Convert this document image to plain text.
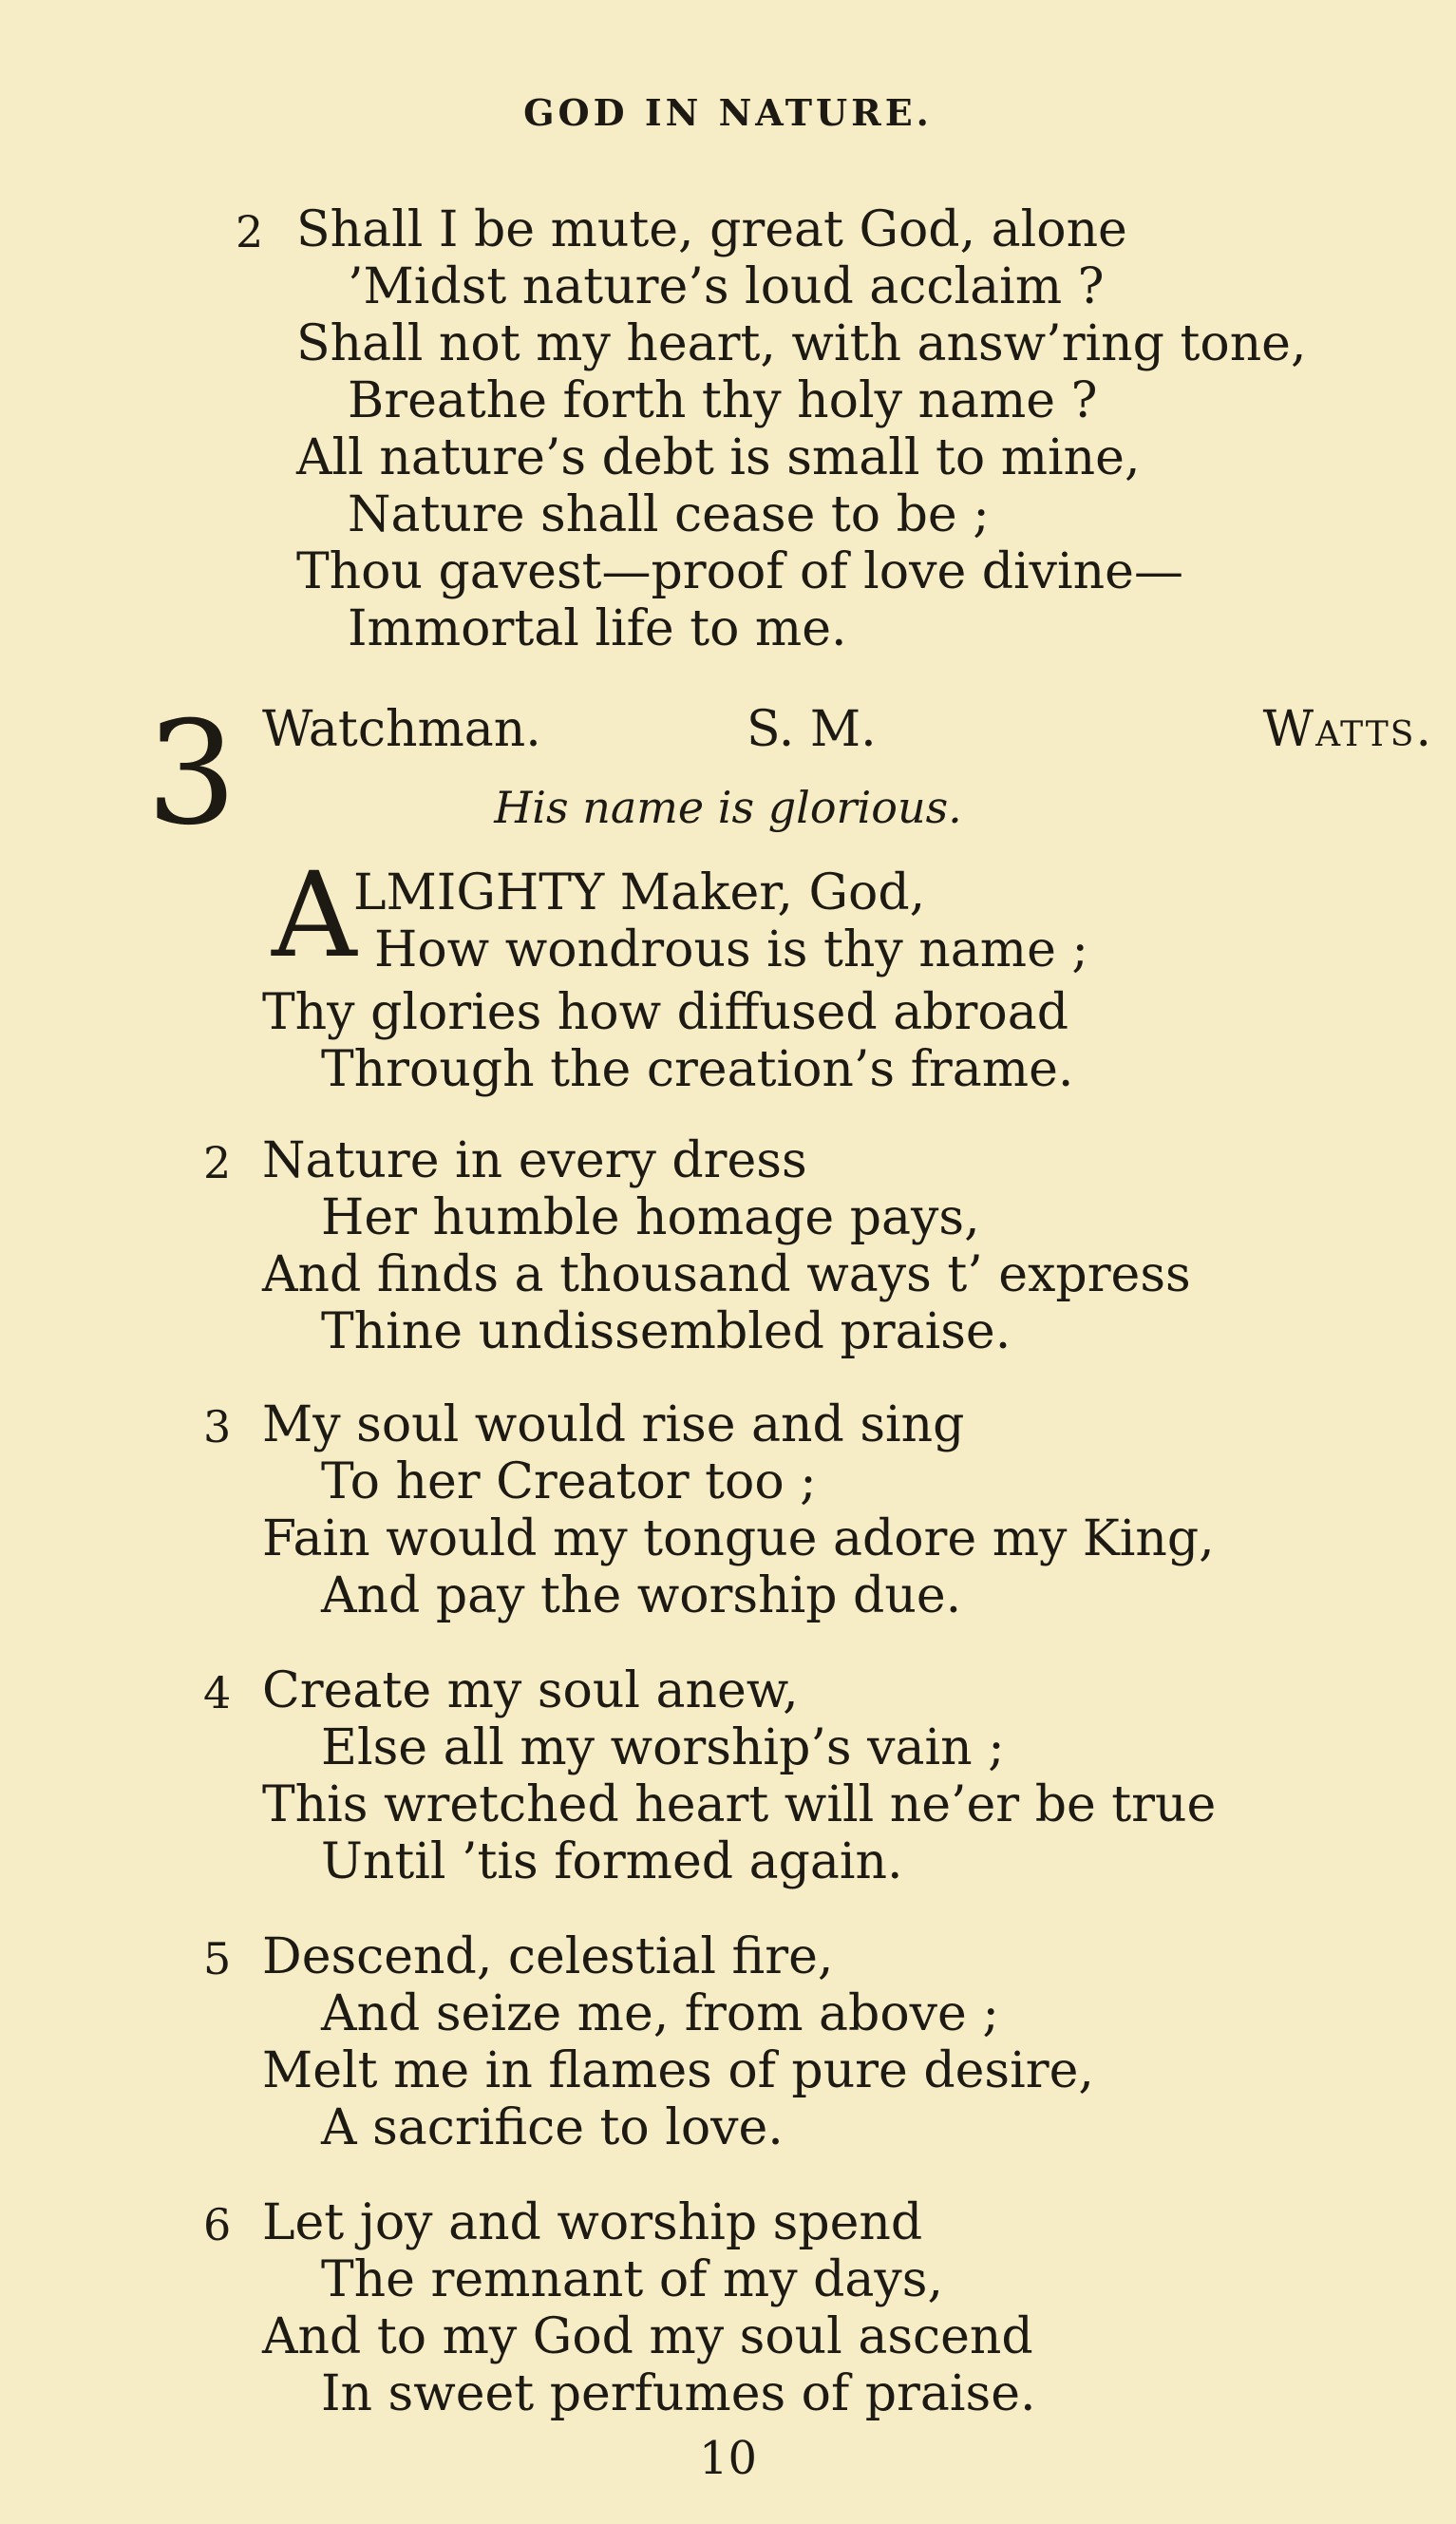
GOD IN NATURE.
2 Shall I be mute, great God, alone
’Midst nature’s loud acclaim ?
Shall not my heart, with answ’ring tone,
Breathe forth thy holy name ?
All nature’s debt is small to mine,
Nature shall cease to be ;
Thou gavest—proof of love divine—
Immortal life to me.
3 Watchman.	S. M.	Watts.
His name is glorious.
A
LMIGHTY Maker, God,
How wondrous is thy name ;
Thy glories how diffused abroad
Through the creation’s frame.
2 Nature in every dress
Her humble homage pays,
And finds a thousand ways t’ express
Thine undissembled praise.
3 My soul would rise and sing
To her Creator too ;
Fain would my tongue adore my King,
And pay the worship due.
4 Create my soul anew,
Else all my worship’s vain ;
This wretched heart will ne’er be true
Until ’tis formed again.
5 Descend, celestial fire,
And seize me, from above ;
Melt me in flames of pure desire,
A sacrifice to love.
6 Let joy and worship spend
The remnant of my days,
And to my God my soul ascend
In sweet perfumes of praise.
10
